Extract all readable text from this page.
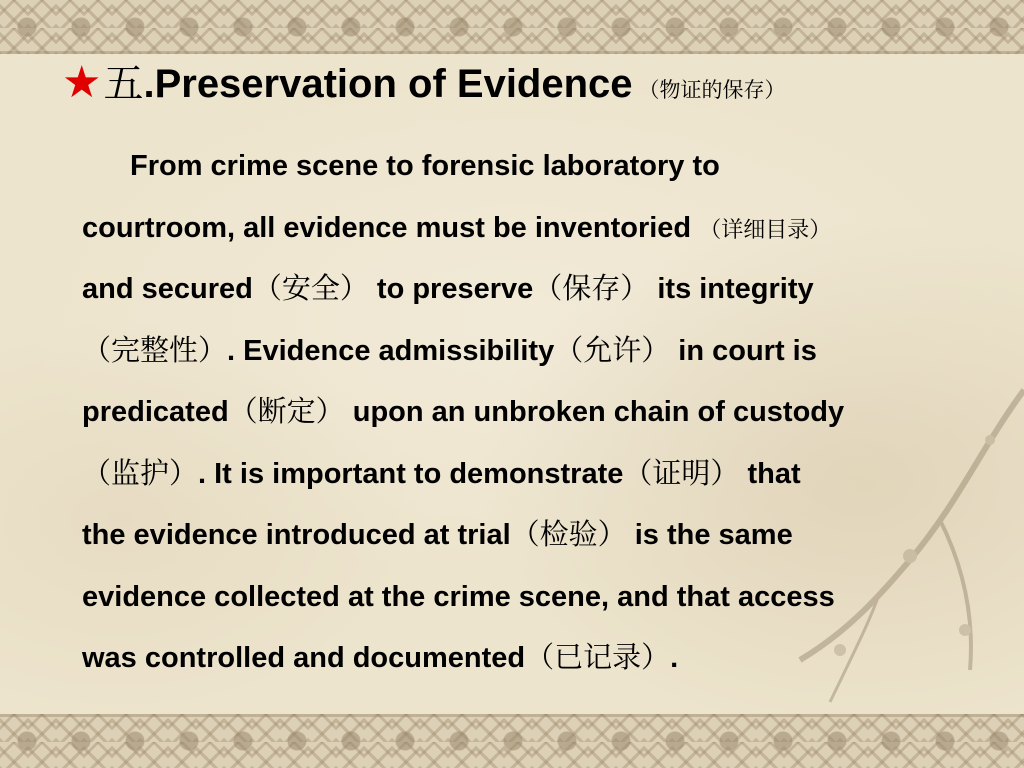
★ 五 .Preservation of Evidence （物证的保存）
From crime scene to forensic laboratory to
courtroom, all evidence must be inventoried （详细目录）
and secured（安全） to preserve（保存） its integrity
（完整性）. Evidence admissibility（允许） in court is
predicated（断定） upon an unbroken chain of custody
（监护）. It is important to demonstrate（证明） that
the evidence introduced at trial（检验） is the same
evidence collected at the crime scene, and that access
was controlled and documented（已记录）.
